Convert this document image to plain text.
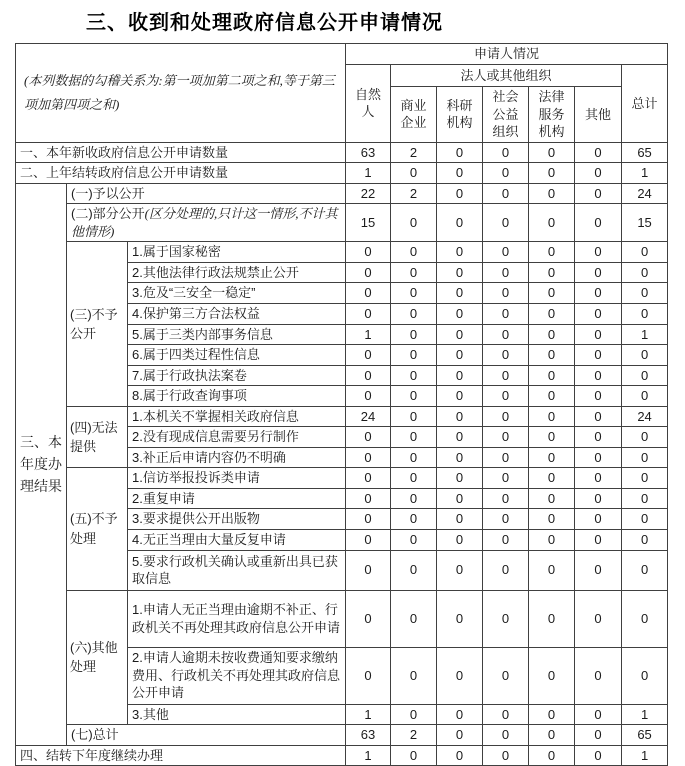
三、收到和处理政府信息公开申请情况
(本列数据的勾稽关系为:第一项加第二项之和,等于第三项加第四项之和)			申请人情况						
			自然人	法人或其他组织					总计
				商业企业	科研机构	社会公益组织	法律服务机构	其他	
一、本年新收政府信息公开申请数量			63	2	0	0	0	0	65
二、上年结转政府信息公开申请数量			1	0	0	0	0	0	1
三、本年度办理结果	(一)予以公开		22	2	0	0	0	0	24
	(二)部分公开(区分处理的,只计这一情形,不计其他情形)		15	0	0	0	0	0	15
	(三)不予公开	1.属于国家秘密	0	0	0	0	0	0	0
		2.其他法律行政法规禁止公开	0	0	0	0	0	0	0
		3.危及“三安全一稳定”	0	0	0	0	0	0	0
		4.保护第三方合法权益	0	0	0	0	0	0	0
		5.属于三类内部事务信息	1	0	0	0	0	0	1
		6.属于四类过程性信息	0	0	0	0	0	0	0
		7.属于行政执法案卷	0	0	0	0	0	0	0
		8.属于行政查询事项	0	0	0	0	0	0	0
	(四)无法提供	1.本机关不掌握相关政府信息	24	0	0	0	0	0	24
		2.没有现成信息需要另行制作	0	0	0	0	0	0	0
		3.补正后申请内容仍不明确	0	0	0	0	0	0	0
	(五)不予处理	1.信访举报投诉类申请	0	0	0	0	0	0	0
		2.重复申请	0	0	0	0	0	0	0
		3.要求提供公开出版物	0	0	0	0	0	0	0
		4.无正当理由大量反复申请	0	0	0	0	0	0	0
		5.要求行政机关确认或重新出具已获取信息	0	0	0	0	0	0	0
	(六)其他处理	1.申请人无正当理由逾期不补正、行政机关不再处理其政府信息公开申请	0	0	0	0	0	0	0
		2.申请人逾期未按收费通知要求缴纳费用、行政机关不再处理其政府信息公开申请	0	0	0	0	0	0	0
		3.其他	1	0	0	0	0	0	1
	(七)总计		63	2	0	0	0	0	65
四、结转下年度继续办理			1	0	0	0	0	0	1
